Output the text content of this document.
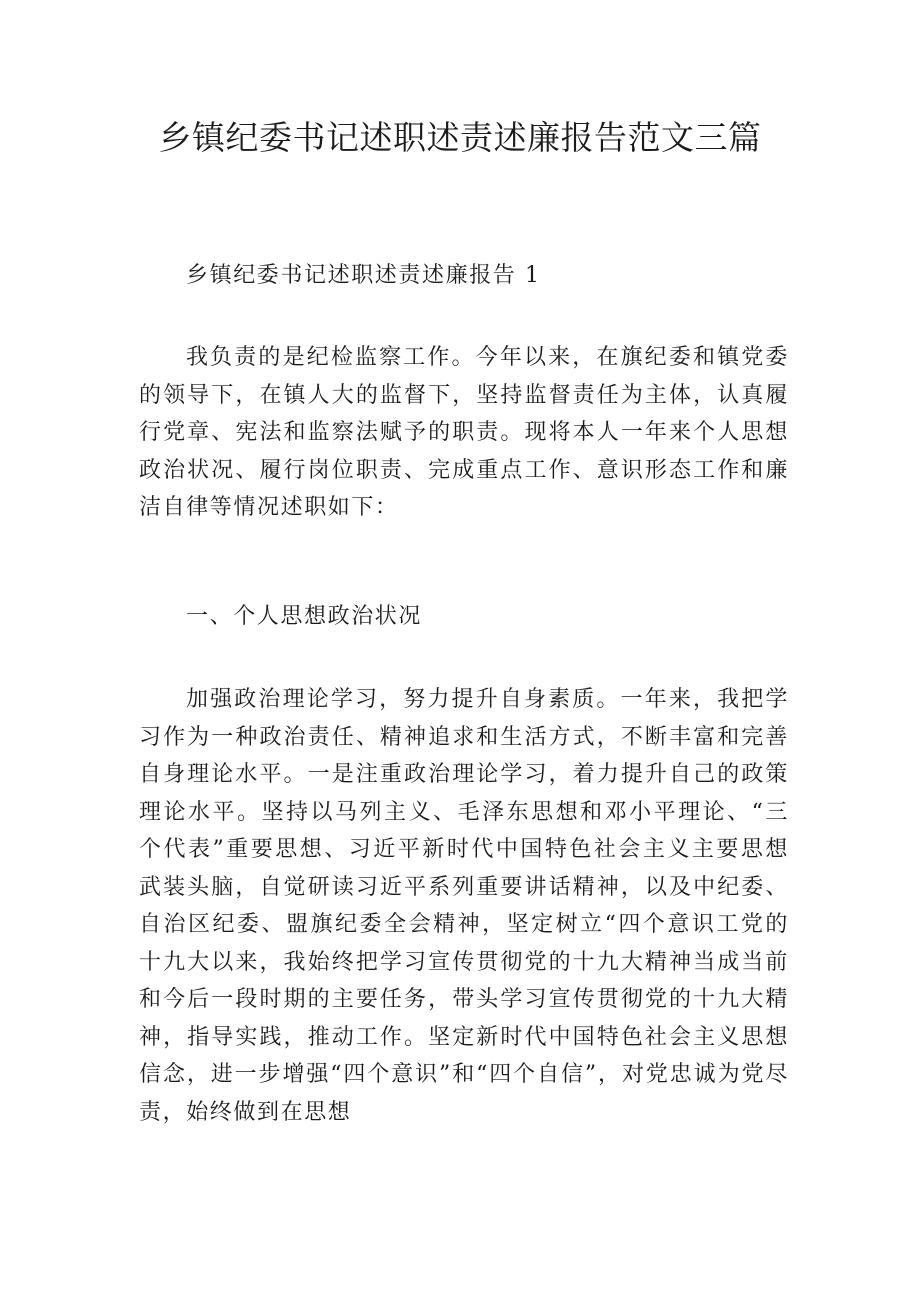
乡镇纪委书记述职述责述廉报告范文三篇

乡镇纪委书记述职述责述廉报告 1

我负责的是纪检监察工作。今年以来，在旗纪委和镇党委的领导下，在镇人大的监督下，坚持监督责任为主体，认真履行党章、宪法和监察法赋予的职责。现将本人一年来个人思想政治状况、履行岗位职责、完成重点工作、意识形态工作和廉洁自律等情况述职如下：

一、个人思想政治状况

加强政治理论学习，努力提升自身素质。一年来，我把学习作为一种政治责任、精神追求和生活方式，不断丰富和完善自身理论水平。一是注重政治理论学习，着力提升自己的政策理论水平。坚持以马列主义、毛泽东思想和邓小平理论、“三个代表”重要思想、习近平新时代中国特色社会主义主要思想武装头脑，自觉研读习近平系列重要讲话精神，以及中纪委、自治区纪委、盟旗纪委全会精神，坚定树立“四个意识工党的十九大以来，我始终把学习宣传贯彻党的十九大精神当成当前和今后一段时期的主要任务，带头学习宣传贯彻党的十九大精神，指导实践，推动工作。坚定新时代中国特色社会主义思想信念，进一步增强“四个意识”和“四个自信”，对党忠诚为党尽责，始终做到在思想
